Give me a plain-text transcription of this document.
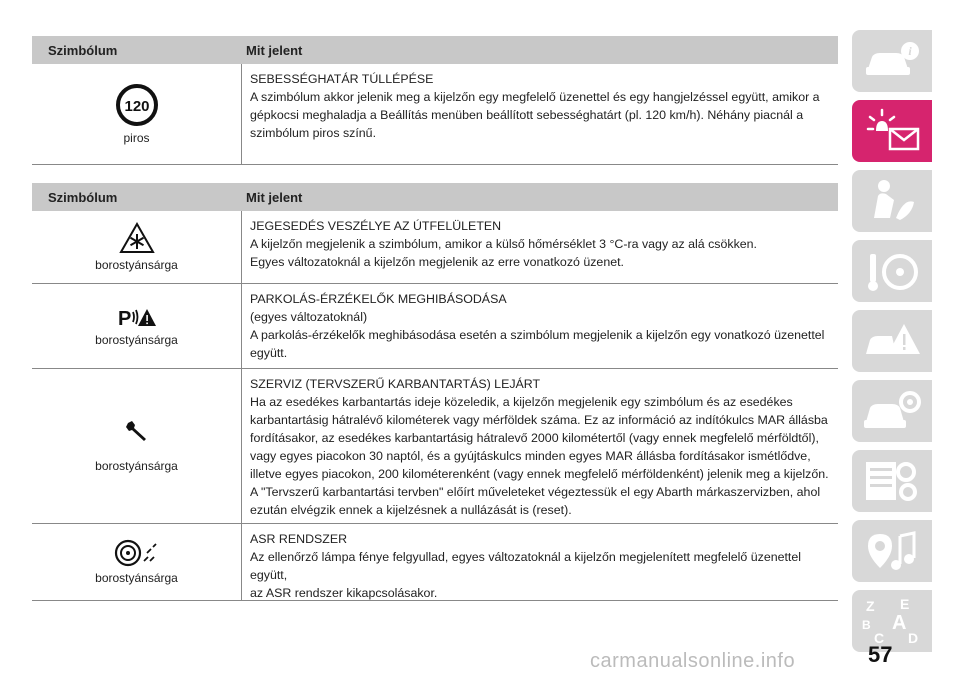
Szimbólum	Mit jelent
120
piros
SEBESSÉGHATÁR TÚLLÉPÉSE
A szimbólum akkor jelenik meg a kijelzőn egy megfelelő üzenettel és egy hangjelzéssel együtt, amikor a
gépkocsi meghaladja a Beállítás menüben beállított sebességhatárt (pl. 120 km/h). Néhány piacnál a
szimbólum piros színű.
Szimbólum	Mit jelent
borostyánsárga
JEGESEDÉS VESZÉLYE AZ ÚTFELÜLETEN
A kijelzőn megjelenik a szimbólum, amikor a külső hőmérséklet 3 °C-ra vagy az alá csökken.
Egyes változatoknál a kijelzőn megjelenik az erre vonatkozó üzenet.
P
borostyánsárga
PARKOLÁS-ÉRZÉKELŐK MEGHIBÁSODÁSA
(egyes változatoknál)
A parkolás-érzékelők meghibásodása esetén a szimbólum megjelenik a kijelzőn egy vonatkozó üzenettel
együtt.
borostyánsárga
SZERVIZ (TERVSZERŰ KARBANTARTÁS) LEJÁRT
Ha az esedékes karbantartás ideje közeledik, a kijelzőn megjelenik egy szimbólum és az esedékes
karbantartásig hátralévő kilométerek vagy mérföldek száma. Ez az információ az indítókulcs MAR állásba
fordításakor, az esedékes karbantartásig hátralevő 2000 kilométertől (vagy ennek megfelelő mérföldtől),
vagy egyes piacokon 30 naptól, és a gyújtáskulcs minden egyes MAR állásba fordításakor ismétlődve,
illetve egyes piacokon, 200 kilométerenként (vagy ennek megfelelő mérföldenként) jelenik meg a kijelzőn.
A "Tervszerű karbantartási tervben" előírt műveleteket végeztessük el egy Abarth márkaszervizben, ahol
ezután elvégzik ennek a kijelzésnek a nullázását is (reset).
borostyánsárga
ASR RENDSZER
Az ellenőrző lámpa fénye felgyullad, egyes változatoknál a kijelzőn megjelenített megfelelő üzenettel együtt,
az ASR rendszer kikapcsolásakor.
i
Z E
B A
C D
57
carmanualsonline.info
